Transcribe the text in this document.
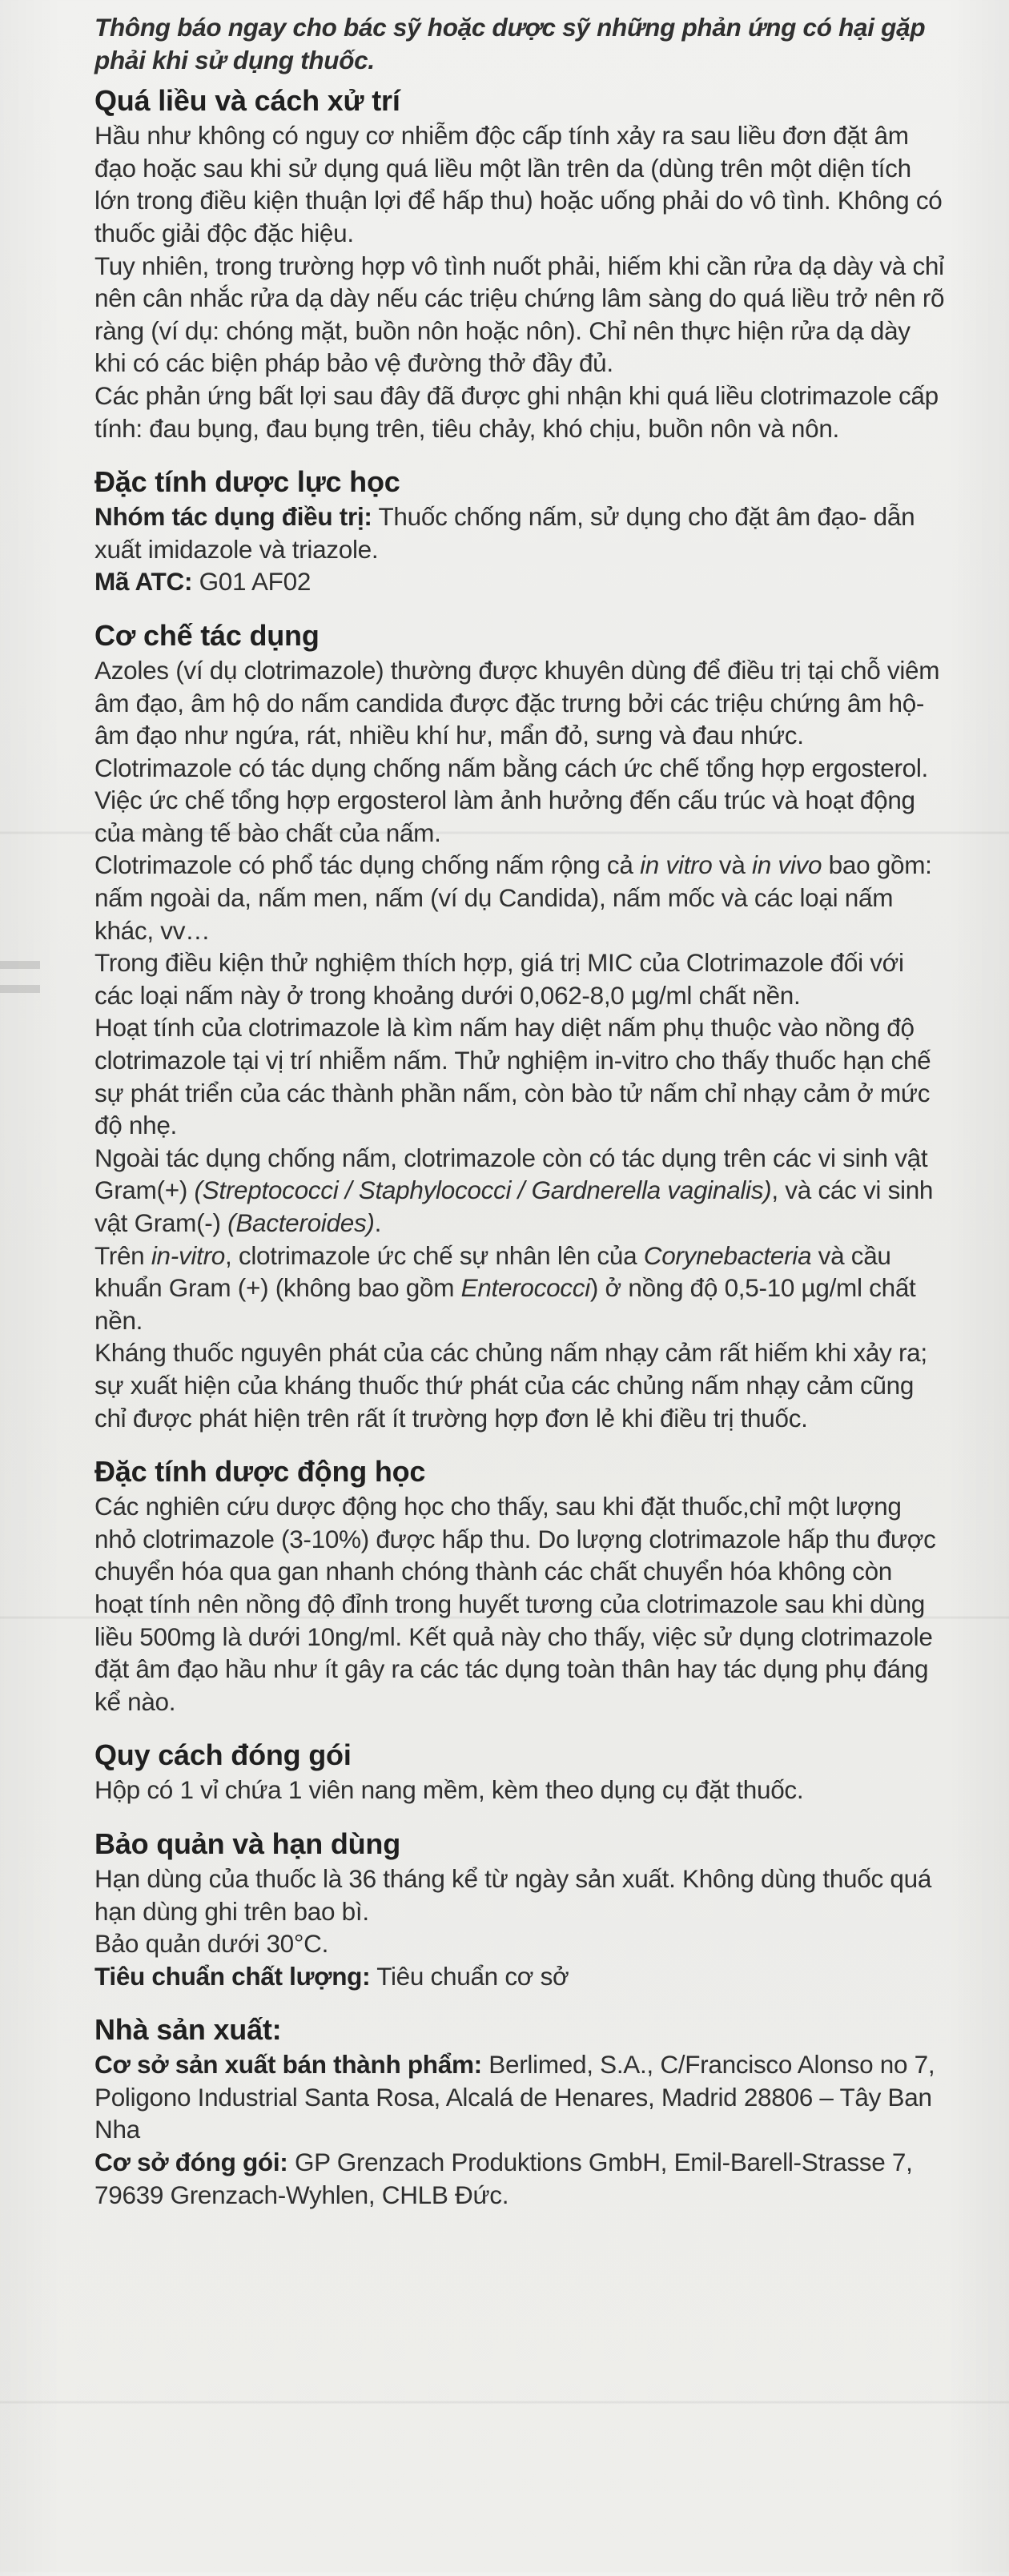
Thông báo ngay cho bác sỹ hoặc dược sỹ những phản ứng có hại gặp phải khi sử dụng thuốc.

Quá liều và cách xử trí

Hầu như không có nguy cơ nhiễm độc cấp tính xảy ra sau liều đơn đặt âm đạo hoặc sau khi sử dụng quá liều một lần trên da (dùng trên một diện tích lớn trong điều kiện thuận lợi để hấp thu) hoặc uống phải do vô tình. Không có thuốc giải độc đặc hiệu.

Tuy nhiên, trong trường hợp vô tình nuốt phải, hiếm khi cần rửa dạ dày và chỉ nên cân nhắc rửa dạ dày nếu các triệu chứng lâm sàng do quá liều trở nên rõ ràng (ví dụ: chóng mặt, buồn nôn hoặc nôn). Chỉ nên thực hiện rửa dạ dày khi có các biện pháp bảo vệ đường thở đầy đủ.

Các phản ứng bất lợi sau đây đã được ghi nhận khi quá liều clotrimazole cấp tính: đau bụng, đau bụng trên, tiêu chảy, khó chịu, buồn nôn và nôn.

Đặc tính dược lực học

Nhóm tác dụng điều trị: Thuốc chống nấm, sử dụng cho đặt âm đạo- dẫn xuất imidazole và triazole.

Mã ATC: G01 AF02

Cơ chế tác dụng

Azoles (ví dụ clotrimazole) thường được khuyên dùng để điều trị tại chỗ viêm âm đạo, âm hộ do nấm candida được đặc trưng bởi các triệu chứng âm hộ- âm đạo như ngứa, rát, nhiều khí hư, mẩn đỏ, sưng và đau nhức.

Clotrimazole có tác dụng chống nấm bằng cách ức chế tổng hợp ergosterol. Việc ức chế tổng hợp ergosterol làm ảnh hưởng đến cấu trúc và hoạt động của màng tế bào chất của nấm.

Clotrimazole có phổ tác dụng chống nấm rộng cả in vitro và in vivo bao gồm: nấm ngoài da, nấm men, nấm (ví dụ Candida), nấm mốc và các loại nấm khác, vv…

Trong điều kiện thử nghiệm thích hợp, giá trị MIC của Clotrimazole đối với các loại nấm này ở trong khoảng dưới 0,062-8,0 µg/ml chất nền.

Hoạt tính của clotrimazole là kìm nấm hay diệt nấm phụ thuộc vào nồng độ clotrimazole tại vị trí nhiễm nấm. Thử nghiệm in-vitro cho thấy thuốc hạn chế sự phát triển của các thành phần nấm, còn bào tử nấm chỉ nhạy cảm ở mức độ nhẹ.

Ngoài tác dụng chống nấm, clotrimazole còn có tác dụng trên các vi sinh vật Gram(+) (Streptococci / Staphylococci / Gardnerella vaginalis), và các vi sinh vật Gram(-) (Bacteroides).

Trên in-vitro, clotrimazole ức chế sự nhân lên của Corynebacteria và cầu khuẩn Gram (+) (không bao gồm Enterococci) ở nồng độ 0,5-10 µg/ml chất nền.

Kháng thuốc nguyên phát của các chủng nấm nhạy cảm rất hiếm khi xảy ra; sự xuất hiện của kháng thuốc thứ phát của các chủng nấm nhạy cảm cũng chỉ được phát hiện trên rất ít trường hợp đơn lẻ khi điều trị thuốc.

Đặc tính dược động học

Các nghiên cứu dược động học cho thấy, sau khi đặt thuốc,chỉ một lượng nhỏ clotrimazole (3-10%) được hấp thu. Do lượng clotrimazole hấp thu được chuyển hóa qua gan nhanh chóng thành các chất chuyển hóa không còn hoạt tính nên nồng độ đỉnh trong huyết tương của clotrimazole sau khi dùng liều 500mg là dưới 10ng/ml. Kết quả này cho thấy, việc sử dụng clotrimazole đặt âm đạo hầu như ít gây ra các tác dụng toàn thân hay tác dụng phụ đáng kể nào.

Quy cách đóng gói

Hộp có 1 vỉ chứa 1 viên nang mềm, kèm theo dụng cụ đặt thuốc.

Bảo quản và hạn dùng

Hạn dùng của thuốc là 36 tháng kể từ ngày sản xuất. Không dùng thuốc quá hạn dùng ghi trên bao bì.

Bảo quản dưới 30°C.

Tiêu chuẩn chất lượng: Tiêu chuẩn cơ sở

Nhà sản xuất:

Cơ sở sản xuất bán thành phẩm: Berlimed, S.A., C/Francisco Alonso no 7, Poligono Industrial Santa Rosa, Alcalá de Henares, Madrid 28806 – Tây Ban Nha

Cơ sở đóng gói: GP Grenzach Produktions GmbH, Emil-Barell-Strasse 7, 79639 Grenzach-Wyhlen, CHLB Đức.
